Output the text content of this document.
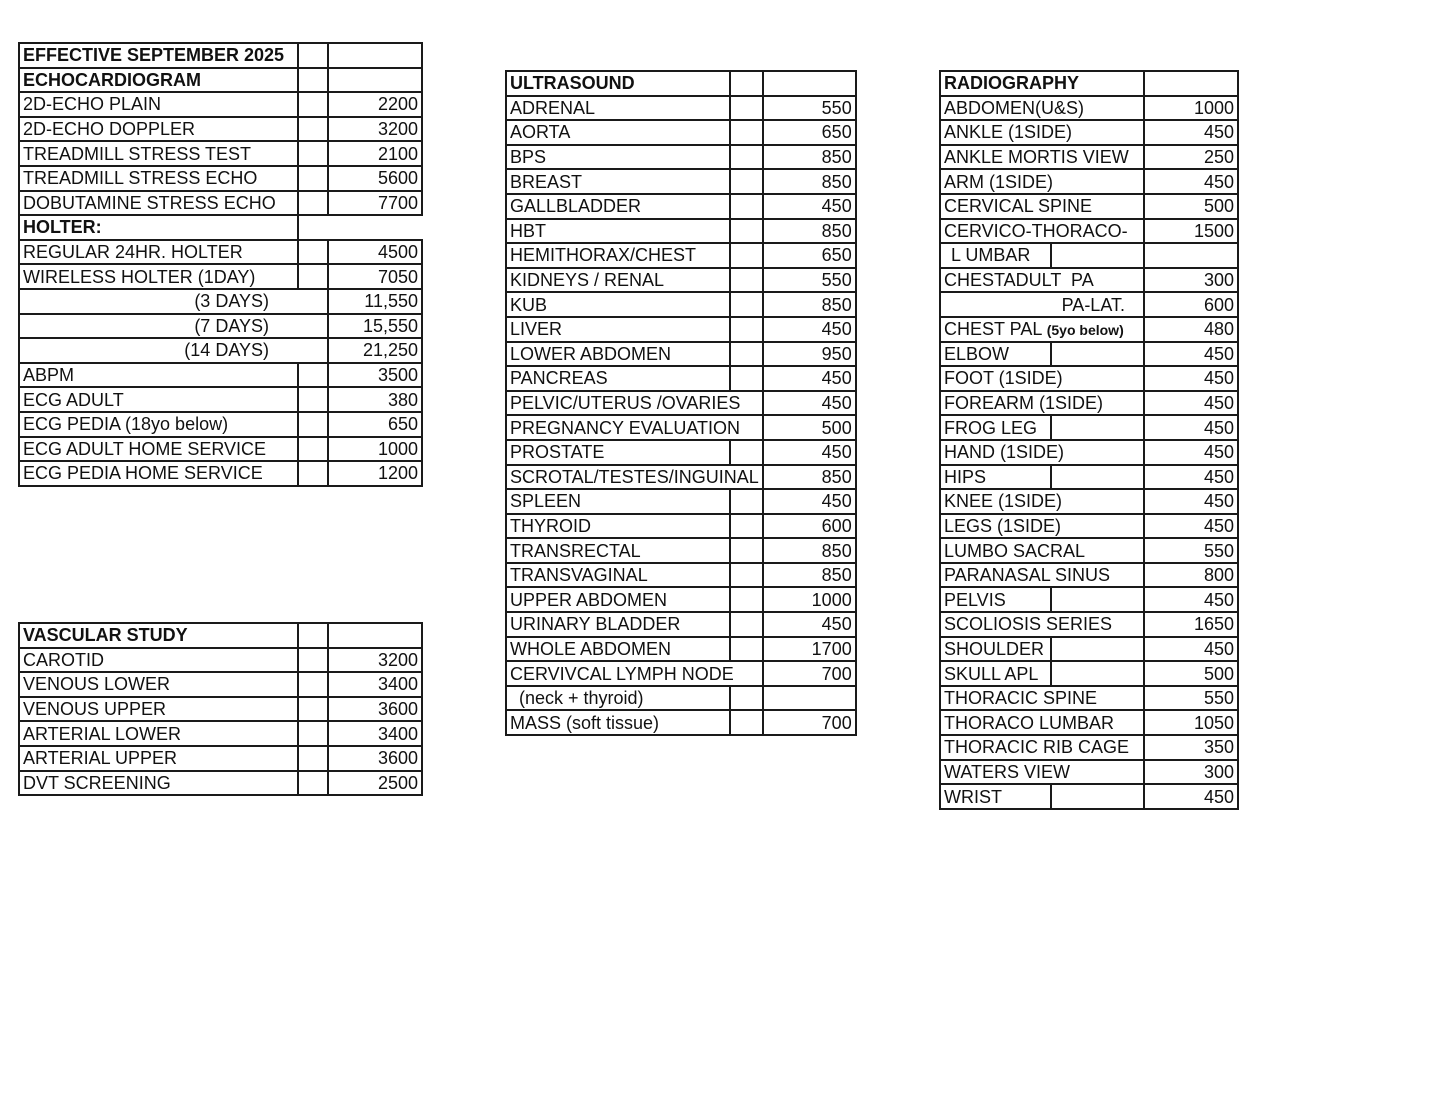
EFFECTIVE SEPTEMBER 2025		
ECHOCARDIOGRAM		
2D-ECHO PLAIN		2200
2D-ECHO DOPPLER		3200
TREADMILL STRESS TEST		2100
TREADMILL STRESS ECHO		5600
DOBUTAMINE STRESS ECHO		7700
HOLTER:		
REGULAR 24HR. HOLTER		4500
WIRELESS HOLTER (1DAY)		7050
(3 DAYS)		11,550
(7 DAYS)		15,550
(14 DAYS)		21,250
ABPM		3500
ECG ADULT		380
ECG PEDIA (18yo below)		650
ECG ADULT HOME SERVICE		1000
ECG PEDIA HOME SERVICE		1200
VASCULAR STUDY		
CAROTID		3200
VENOUS LOWER		3400
VENOUS UPPER		3600
ARTERIAL LOWER		3400
ARTERIAL UPPER		3600
DVT SCREENING		2500
ULTRASOUND		
ADRENAL		550
AORTA		650
BPS		850
BREAST		850
GALLBLADDER		450
HBT		850
HEMITHORAX/CHEST		650
KIDNEYS / RENAL		550
KUB		850
LIVER		450
LOWER ABDOMEN		950
PANCREAS		450
PELVIC/UTERUS /OVARIES		450
PREGNANCY EVALUATION		500
PROSTATE		450
SCROTAL/TESTES/INGUINAL		850
SPLEEN		450
THYROID		600
TRANSRECTAL		850
TRANSVAGINAL		850
UPPER ABDOMEN		1000
URINARY BLADDER		450
WHOLE ABDOMEN		1700
CERVIVCAL LYMPH NODE		700
(neck + thyroid)		
MASS (soft tissue)		700
RADIOGRAPHY		
ABDOMEN(U&S)		1000
ANKLE (1SIDE)		450
ANKLE MORTIS VIEW		250
ARM (1SIDE)		450
CERVICAL SPINE		500
CERVICO-THORACO-		1500
L UMBAR		
CHESTADULT  PA		300
PA-LAT.		600
CHEST PAL (5yo below)		480
ELBOW		450
FOOT (1SIDE)		450
FOREARM (1SIDE)		450
FROG LEG		450
HAND (1SIDE)		450
HIPS		450
KNEE (1SIDE)		450
LEGS (1SIDE)		450
LUMBO SACRAL		550
PARANASAL SINUS		800
PELVIS		450
SCOLIOSIS SERIES		1650
SHOULDER		450
SKULL APL		500
THORACIC SPINE		550
THORACO LUMBAR		1050
THORACIC RIB CAGE		350
WATERS VIEW		300
WRIST		450
